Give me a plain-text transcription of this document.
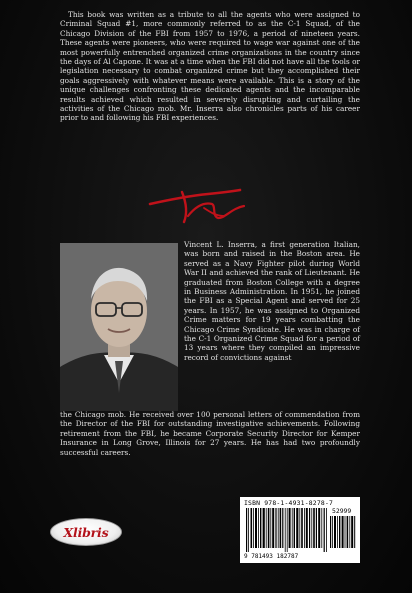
This book was written as a tribute to all the agents who were assigned to Criminal Squad #1, more commonly referred to as the C-1 Squad, of the Chicago Division of the FBI from 1957 to 1976, a period of nineteen years. These agents were pioneers, who were required to wage war against one of the most powerfully entrenched organized crime organizations in the country since the days of Al Capone. It was at a time when the FBI did not have all the tools or legislation necessary to combat organized crime but they accomplished their goals aggressively with whatever means were available. This is a story of the unique challenges confronting these dedicated agents and the incomparable results achieved which resulted in severely disrupting and curtailing the activities of the Chicago mob. Mr. Inserra also chronicles parts of his career prior to and following his FBI experiences.
Vincent L. Inserra, a first generation Italian, was born and raised in the Boston area. He served as a Navy Fighter pilot during World War II and achieved the rank of Lieutenant. He graduated from Boston College with a degree in Business Administration. In 1951, he joined the FBI as a Special Agent and served for 25 years. In 1957, he was assigned to Organized Crime matters for 19 years combatting the Chicago Crime Syndicate. He was in charge of the C-1 Organized Crime Squad for a period of 13 years where they compiled an impressive record of convictions against
the Chicago mob. He received over 100 personal letters of commendation from the Director of the FBI for outstanding investigative achievements. Following retirement from the FBI, he became Corporate Security Director for Kemper Insurance in Long Grove, Illinois for 27 years. He has had two profoundly successful careers.
Xlibris
ISBN 978-1-4931-8278-7
52999
9 781493 182787
